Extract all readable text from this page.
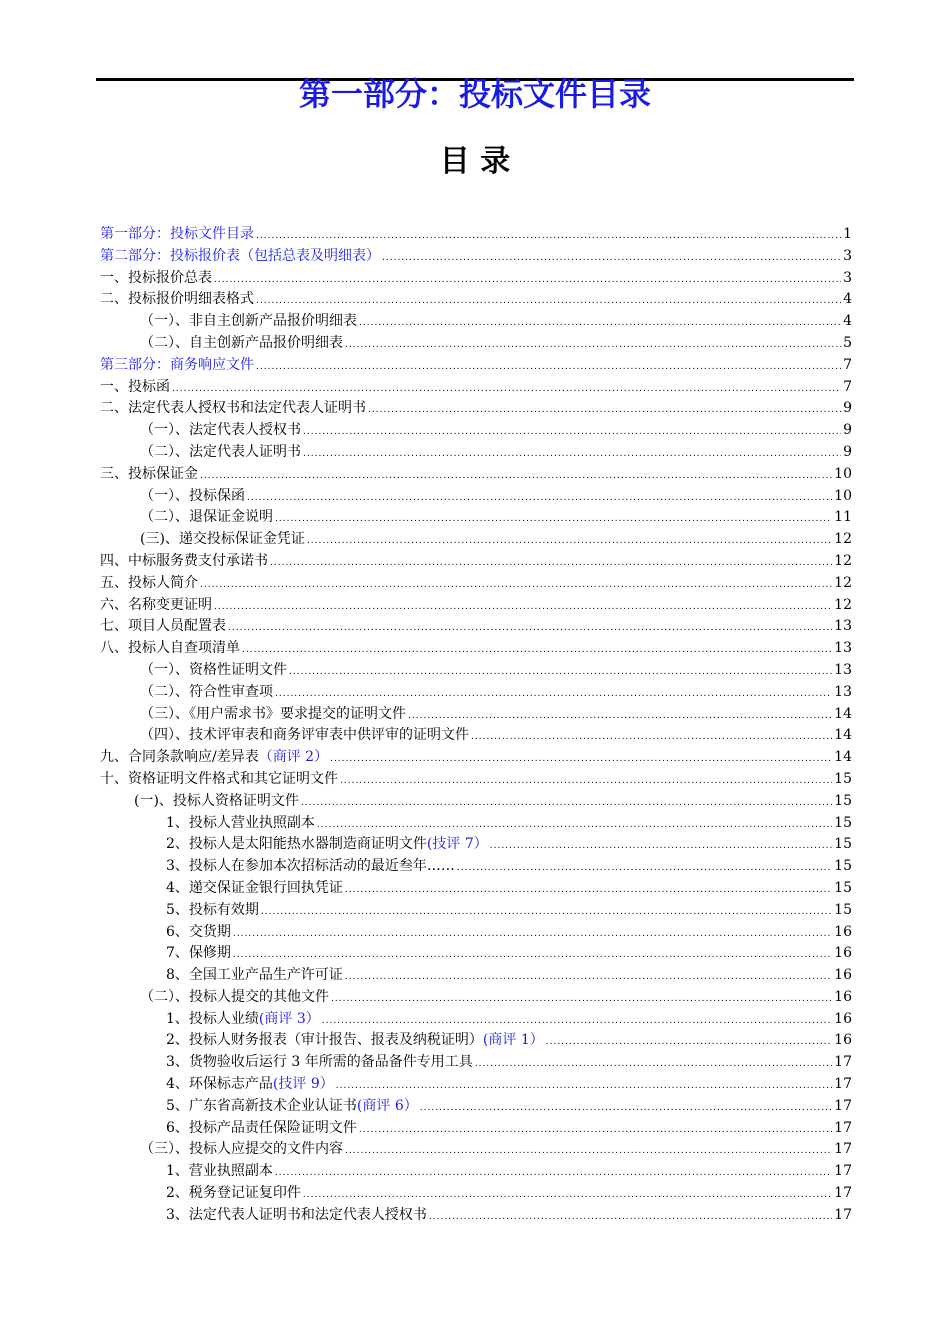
第一部分：投标文件目录
目 录
第一部分：投标文件目录 .....	1
第二部分：投标报价表（包括总表及明细表） .....	3
一、投标报价总表 .....	3
二、投标报价明细表格式 .....	4
（一）、非自主创新产品报价明细表 .....	4
（二）、自主创新产品报价明细表 .....	5
第三部分：商务响应文件 .....	7
一、投标函 .....	7
二、法定代表人授权书和法定代表人证明书 .....	9
（一）、法定代表人授权书 .....	9
（二）、法定代表人证明书 .....	9
三、投标保证金 .....	10
（一）、投标保函 .....	10
（二）、退保证金说明 .....	11
(三)、递交投标保证金凭证 .....	12
四、中标服务费支付承诺书 .....	12
五、投标人简介 .....	12
六、名称变更证明 .....	12
七、项目人员配置表 .....	13
八、投标人自查项清单 .....	13
（一）、资格性证明文件 .....	13
（二）、符合性审查项 .....	13
（三）、《用户需求书》要求提交的证明文件 .....	14
（四）、技术评审表和商务评审表中供评审的证明文件 .....	14
九、合同条款响应/差异表 （商评 2） .....	14
十、资格证明文件格式和其它证明文件 .....	15
(一)、投标人资格证明文件 .....	15
1、投标人营业执照副本 .....	15
2、投标人是太阳能热水器制造商证明文件 (技评 7） .....	15
3、投标人在参加本次招标活动的最近叁年…… .....	15
4、递交保证金银行回执凭证 .....	15
5、投标有效期 .....	15
6、交货期 .....	16
7、保修期 .....	16
8、全国工业产品生产许可证 .....	16
（二）、投标人提交的其他文件 .....	16
1、投标人业绩 (商评 3） .....	16
2、投标人财务报表（审计报告、报表及纳税证明） (商评 1） .....	16
3、货物验收后运行 3 年所需的备品备件专用工具 .....	17
4、环保标志产品 (技评 9） .....	17
5、广东省高新技术企业认证书 (商评 6） .....	17
6、投标产品责任保险证明文件 .....	17
（三）、投标人应提交的文件内容 .....	17
1、营业执照副本 .....	17
2、税务登记证复印件 .....	17
3、法定代表人证明书和法定代表人授权书 .....	17
